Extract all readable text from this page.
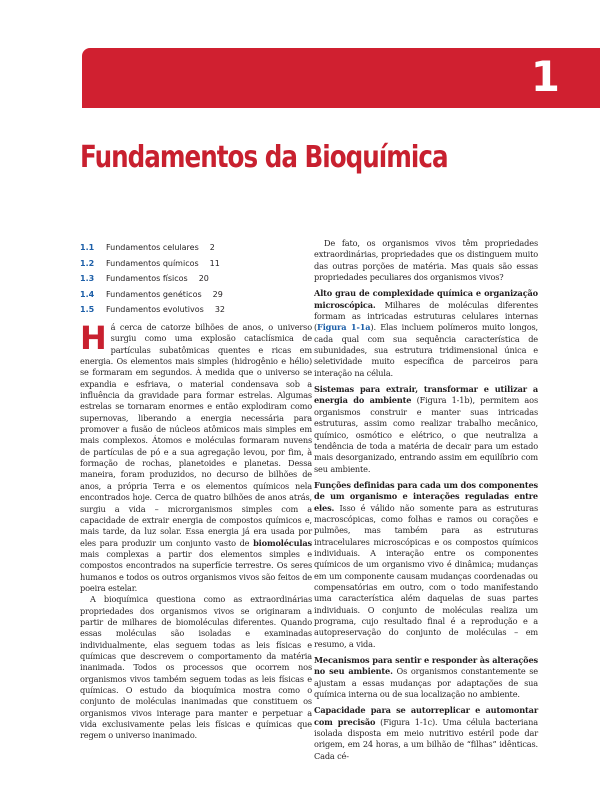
1
Fundamentos da Bioquímica
1.1	Fundamentos celulares 2
1.2	Fundamentos químicos 11
1.3	Fundamentos físicos 20
1.4	Fundamentos genéticos 29
1.5	Fundamentos evolutivos 32

Há cerca de catorze bilhões de anos, o universo surgiu como uma explosão cataclísmica de partículas subatômicas quentes e ricas em energia. Os elementos mais simples (hidrogênio e hélio) se formaram em segundos. À medida que o universo se expandia e esfriava, o material condensava sob a influência da gravidade para formar estrelas. Algumas estrelas se tornaram enormes e então explodiram como supernovas, liberando a energia necessária para promover a fusão de núcleos atômicos mais simples em mais complexos. Átomos e moléculas formaram nuvens de partículas de pó e a sua agregação levou, por fim, à formação de rochas, planetoides e planetas. Dessa maneira, foram produzidos, no decurso de bilhões de anos, a própria Terra e os elementos químicos nela encontrados hoje. Cerca de quatro bilhões de anos atrás, surgiu a vida – microrganismos simples com a capacidade de extrair energia de compostos químicos e, mais tarde, da luz solar. Essa energia já era usada por eles para produzir um conjunto vasto de biomoléculas mais complexas a partir dos elementos simples e compostos encontrados na superfície terrestre. Os seres humanos e todos os outros organismos vivos são feitos de poeira estelar.

A bioquímica questiona como as extraordinárias propriedades dos organismos vivos se originaram a partir de milhares de biomoléculas diferentes. Quando essas moléculas são isoladas e examinadas individualmente, elas seguem todas as leis físicas e químicas que descrevem o comportamento da matéria inanimada. Todos os processos que ocorrem nos organismos vivos também seguem todas as leis físicas e químicas. O estudo da bioquímica mostra como o conjunto de moléculas inanimadas que constituem os organismos vivos interage para manter e perpetuar a vida exclusivamente pelas leis físicas e químicas que regem o universo inanimado.

De fato, os organismos vivos têm propriedades extraordinárias, propriedades que os distinguem muito das outras porções de matéria. Mas quais são essas propriedades peculiares dos organismos vivos?

Alto grau de complexidade química e organização microscópica. Milhares de moléculas diferentes formam as intricadas estruturas celulares internas (Figura 1-1a). Elas incluem polímeros muito longos, cada qual com sua sequência característica de subunidades, sua estrutura tridimensional única e seletividade muito específica de parceiros para interação na célula.

Sistemas para extrair, transformar e utilizar a energia do ambiente (Figura 1-1b), permitem aos organismos construir e manter suas intricadas estruturas, assim como realizar trabalho mecânico, químico, osmótico e elétrico, o que neutraliza a tendência de toda a matéria de decair para um estado mais desorganizado, entrando assim em equilíbrio com seu ambiente.

Funções definidas para cada um dos componentes de um organismo e interações reguladas entre eles. Isso é válido não somente para as estruturas macroscópicas, como folhas e ramos ou corações e pulmões, mas também para as estruturas intracelulares microscópicas e os compostos químicos individuais. A interação entre os componentes químicos de um organismo vivo é dinâmica; mudanças em um componente causam mudanças coordenadas ou compensatórias em outro, com o todo manifestando uma característica além daquelas de suas partes individuais. O conjunto de moléculas realiza um programa, cujo resultado final é a reprodução e a autopreservação do conjunto de moléculas – em resumo, a vida.

Mecanismos para sentir e responder às alterações no seu ambiente. Os organismos constantemente se ajustam a essas mudanças por adaptações de sua química interna ou de sua localização no ambiente.

Capacidade para se autorreplicar e automontar com precisão (Figura 1-1c). Uma célula bacteriana isolada disposta em meio nutritivo estéril pode dar origem, em 24 horas, a um bilhão de “filhas” idênticas. Cada cé-
